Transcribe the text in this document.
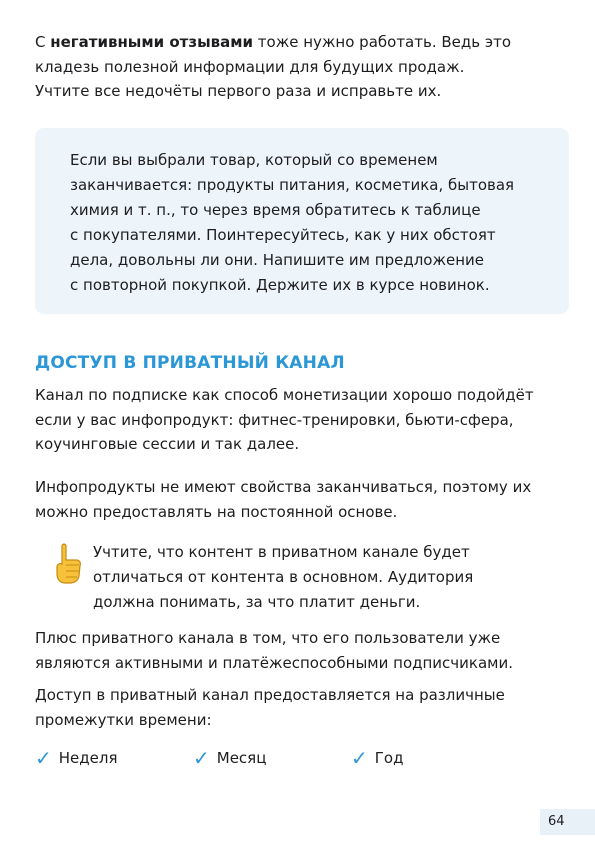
С негативными отзывами тоже нужно работать. Ведь это
кладезь полезной информации для будущих продаж.
Учтите все недочёты первого раза и исправьте их.

Если вы выбрали товар, который со временем
заканчивается: продукты питания, косметика, бытовая
химия и т. п., то через время обратитесь к таблице
с покупателями. Поинтересуйтесь, как у них обстоят
дела, довольны ли они. Напишите им предложение
с повторной покупкой. Держите их в курсе новинок.

ДОСТУП В ПРИВАТНЫЙ КАНАЛ

Канал по подписке как способ монетизации хорошо подойдёт
если у вас инфопродукт: фитнес-тренировки, бьюти-сфера,
коучинговые сессии и так далее.

Инфопродукты не имеют свойства заканчиваться, поэтому их
можно предоставлять на постоянной основе.

Учтите, что контент в приватном канале будет
отличаться от контента в основном. Аудитория
должна понимать, за что платит деньги.

Плюс приватного канала в том, что его пользователи уже
являются активными и платёжеспособными подписчиками.

Доступ в приватный канал предоставляется на различные
промежутки времени:

✓ Неделя	✓ Месяц	✓ Год
64
